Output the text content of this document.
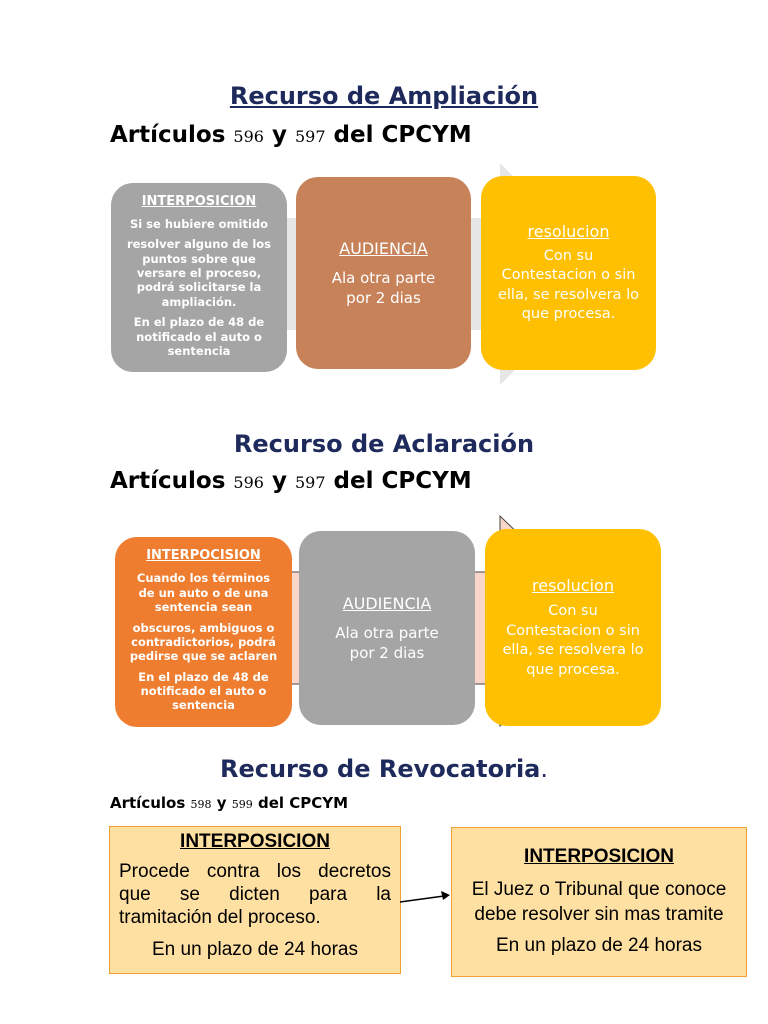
Recurso de Ampliación
Artículos 596 y 597 del CPCYM
INTERPOSICION

Si se hubiere omitido

resolver alguno de los puntos sobre que versare el proceso, podrá solicitarse la ampliación.

En el plazo de 48 de notificado el auto o sentencia

AUDIENCIA
Ala otra parte por 2 dias
resolucion
Con su Contestacion o sin ella, se resolvera lo que procesa.
Recurso de Aclaración
Artículos 596 y 597 del CPCYM
INTERPOCISION

Cuando los términos de un auto o de una sentencia sean

obscuros, ambiguos o contradictorios, podrá pedirse que se aclaren

En el plazo de 48 de notificado el auto o sentencia

AUDIENCIA
Ala otra parte por 2 dias
resolucion
Con su Contestacion o sin ella, se resolvera lo que procesa.
Recurso de Revocatoria.
Artículos 598 y 599 del CPCYM
INTERPOSICION
Procede contra los decretos que se dicten para la tramitación del proceso.
En un plazo de 24 horas
INTERPOSICION
El Juez o Tribunal que conoce debe resolver sin mas tramite
En un plazo de 24 horas
